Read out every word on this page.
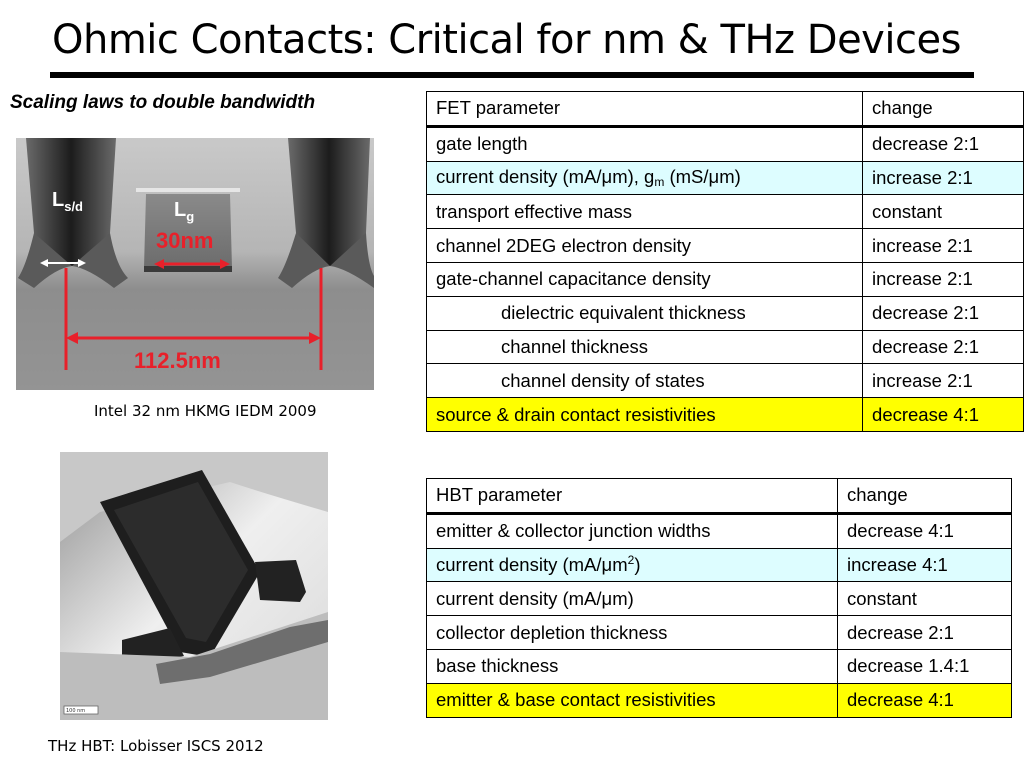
Ohmic Contacts: Critical for nm & THz Devices
Scaling laws to double bandwidth
$L_{s/d}$	$L_g$
30nm
112.5nm
Intel 32 nm HKMG IEDM 2009
100 nm
THz HBT: Lobisser ISCS 2012
FET parameter	change
gate length	decrease 2:1
current density (mA/μm), $g_m$ (mS/μm)	increase 2:1
transport effective mass	constant
channel 2DEG electron density	increase 2:1
gate-channel capacitance density	increase 2:1
dielectric equivalent thickness	decrease 2:1
channel thickness	decrease 2:1
channel density of states	increase 2:1
source & drain contact resistivities	decrease 4:1
HBT parameter	change
emitter & collector junction widths	decrease 4:1
current density $(mA/\mu m^2)$	increase 4:1
current density (mA/μm)	constant
collector depletion thickness	decrease 2:1
base thickness	decrease 1.4:1
emitter & base contact resistivities	decrease 4:1
